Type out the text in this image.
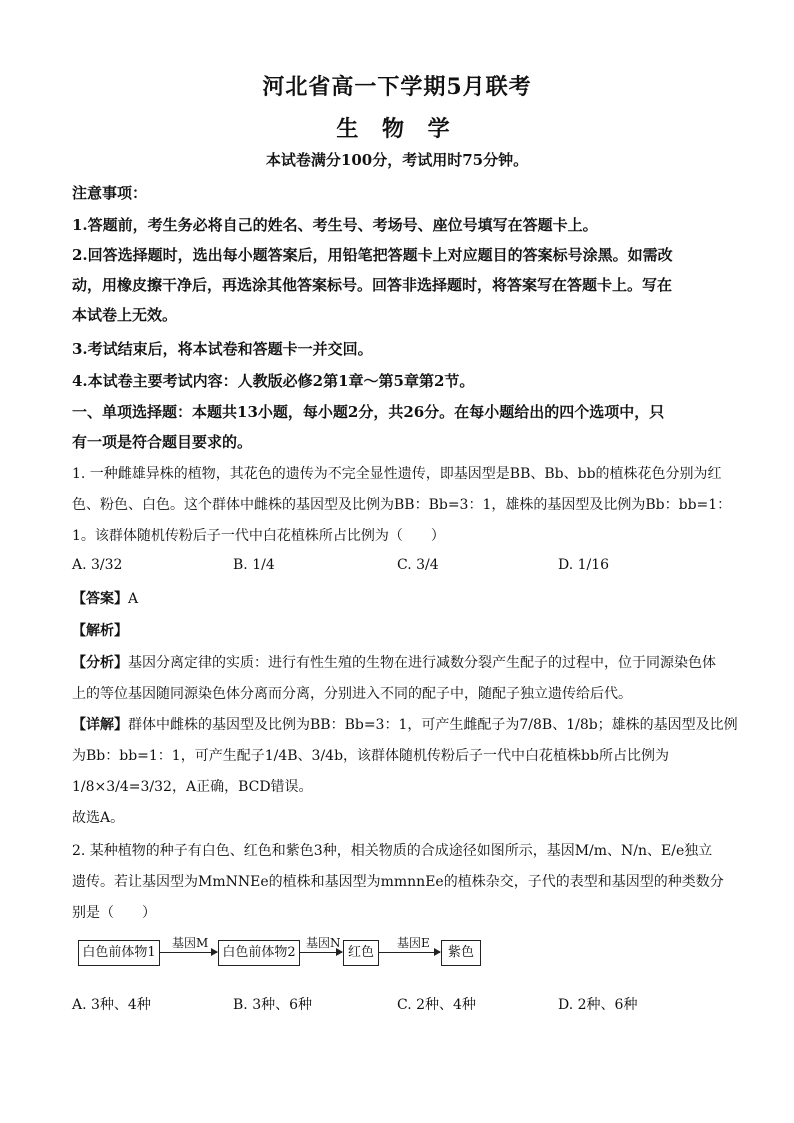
河北省高一下学期5月联考
生 物 学
本试卷满分100分，考试用时75分钟。
注意事项：
1.答题前，考生务必将自己的姓名、考生号、考场号、座位号填写在答题卡上。
2.回答选择题时，选出每小题答案后，用铅笔把答题卡上对应题目的答案标号涂黑。如需改
动，用橡皮擦干净后，再选涂其他答案标号。回答非选择题时，将答案写在答题卡上。写在
本试卷上无效。
3.考试结束后，将本试卷和答题卡一并交回。
4.本试卷主要考试内容：人教版必修2第1章～第5章第2节。
一、单项选择题：本题共13小题，每小题2分，共26分。在每小题给出的四个选项中，只
有一项是符合题目要求的。
1. 一种雌雄异株的植物，其花色的遗传为不完全显性遗传，即基因型是BB、Bb、bb的植株花色分别为红
色、粉色、白色。这个群体中雌株的基因型及比例为BB：Bb=3：1，雄株的基因型及比例为Bb：bb=1：
1。该群体随机传粉后子一代中白花植株所占比例为（　　）
A. 3/32	B. 1/4	C. 3/4	D. 1/16
【答案】A
【解析】
【分析】基因分离定律的实质：进行有性生殖的生物在进行减数分裂产生配子的过程中，位于同源染色体
上的等位基因随同源染色体分离而分离，分别进入不同的配子中，随配子独立遗传给后代。
【详解】群体中雌株的基因型及比例为BB：Bb=3：1，可产生雌配子为7/8B、1/8b；雄株的基因型及比例
为Bb：bb=1：1，可产生配子1/4B、3/4b，该群体随机传粉后子一代中白花植株bb所占比例为
1/8×3/4=3/32，A正确，BCD错误。
故选A。
2. 某种植物的种子有白色、红色和紫色3种，相关物质的合成途径如图所示，基因M/m、N/n、E/e独立
遗传。若让基因型为MmNNEe的植株和基因型为mmnnEe的植株杂交，子代的表型和基因型的种类数分
别是（　　）
白色前体物1
基因M
白色前体物2
基因N
红色
基因E
紫色
A. 3种、4种	B. 3种、6种	C. 2种、4种	D. 2种、6种
